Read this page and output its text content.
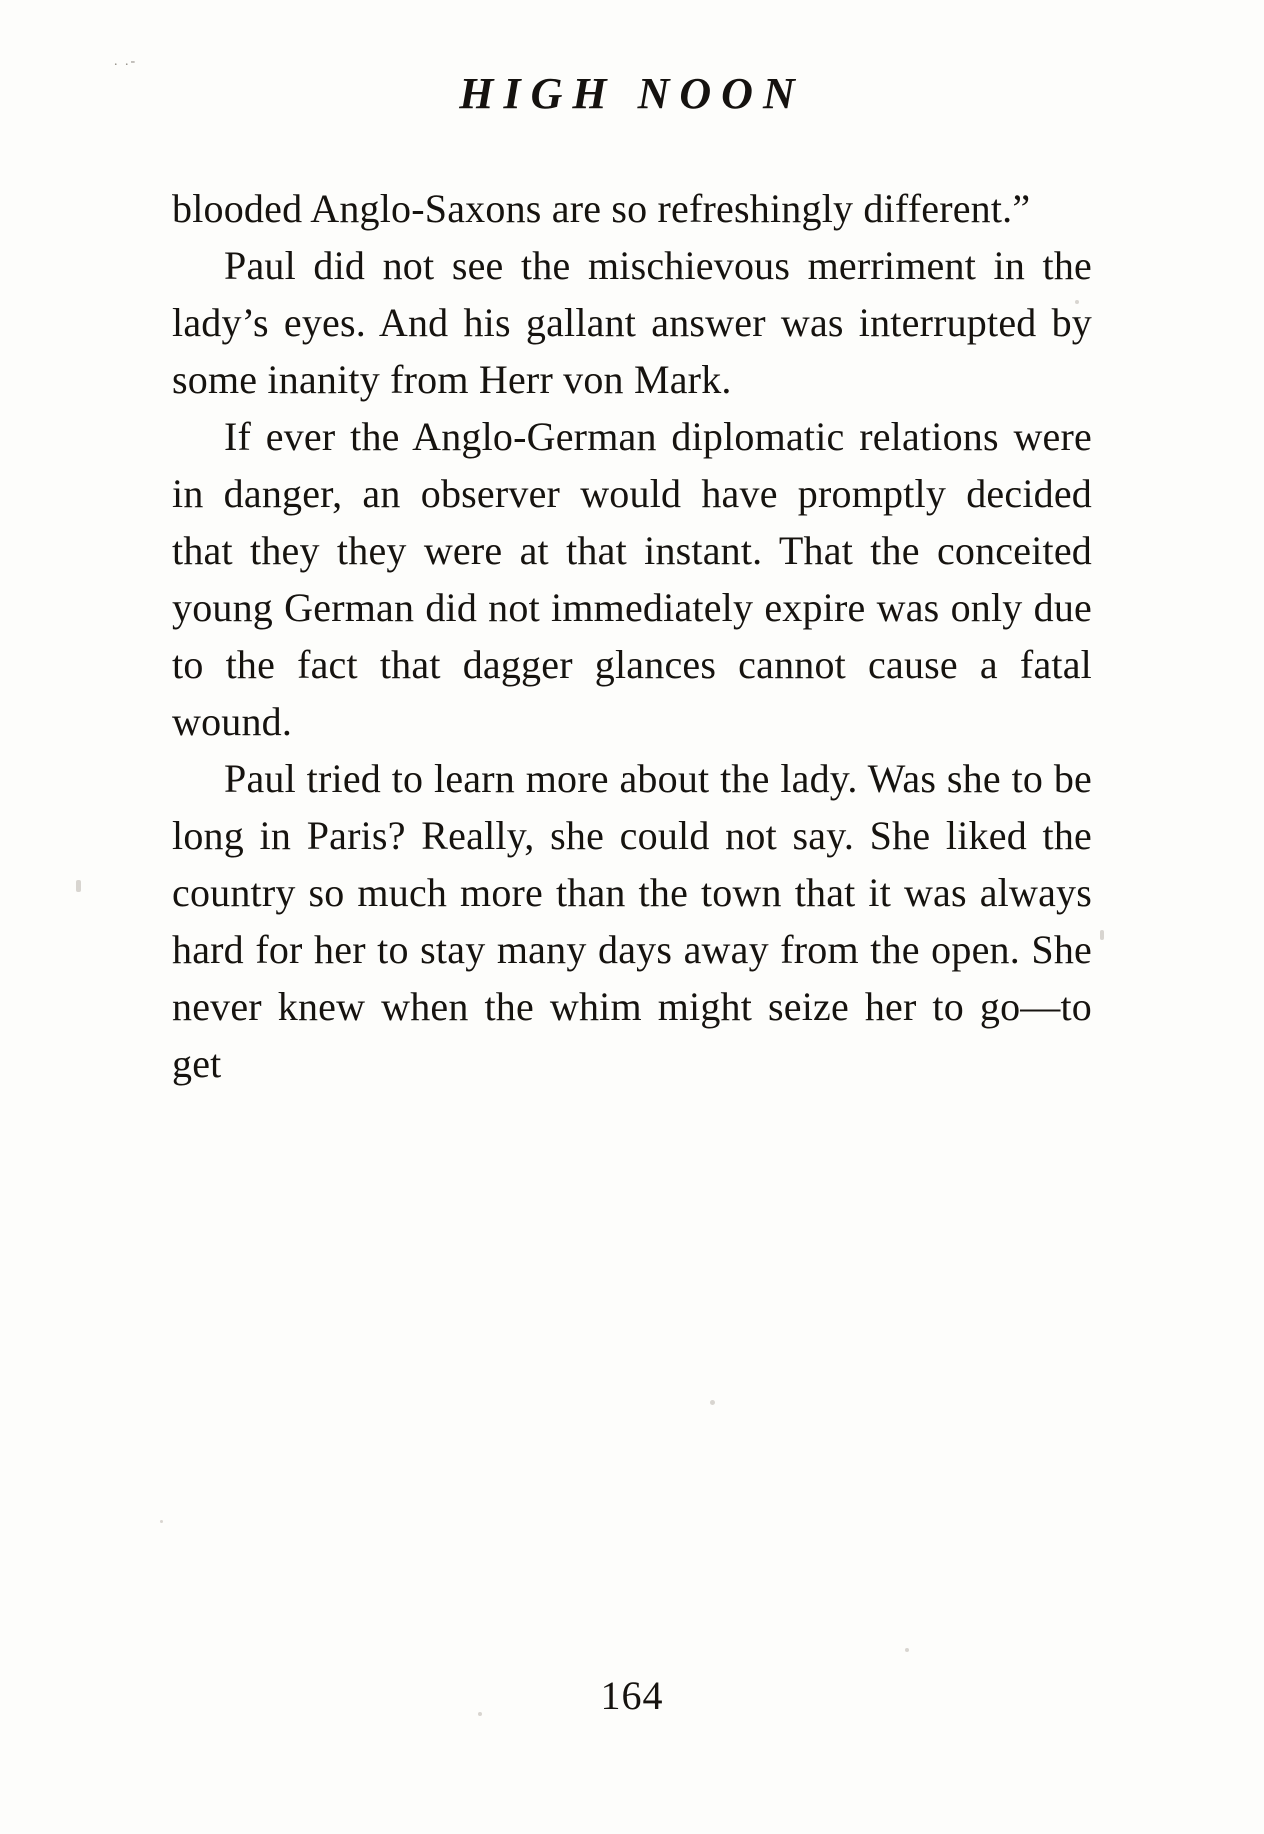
. .-
HIGH NOON

blooded Anglo-Saxons are so refreshingly different.”

Paul did not see the mischievous merriment in the lady’s eyes. And his gallant answer was interrupted by some inanity from Herr von Mark.

If ever the Anglo-German diplomatic relations were in danger, an observer would have promptly decided that they they were at that instant. That the conceited young German did not immediately expire was only due to the fact that dagger glances cannot cause a fatal wound.

Paul tried to learn more about the lady. Was she to be long in Paris? Really, she could not say. She liked the country so much more than the town that it was always hard for her to stay many days away from the open. She never knew when the whim might seize her to go—to get

164
